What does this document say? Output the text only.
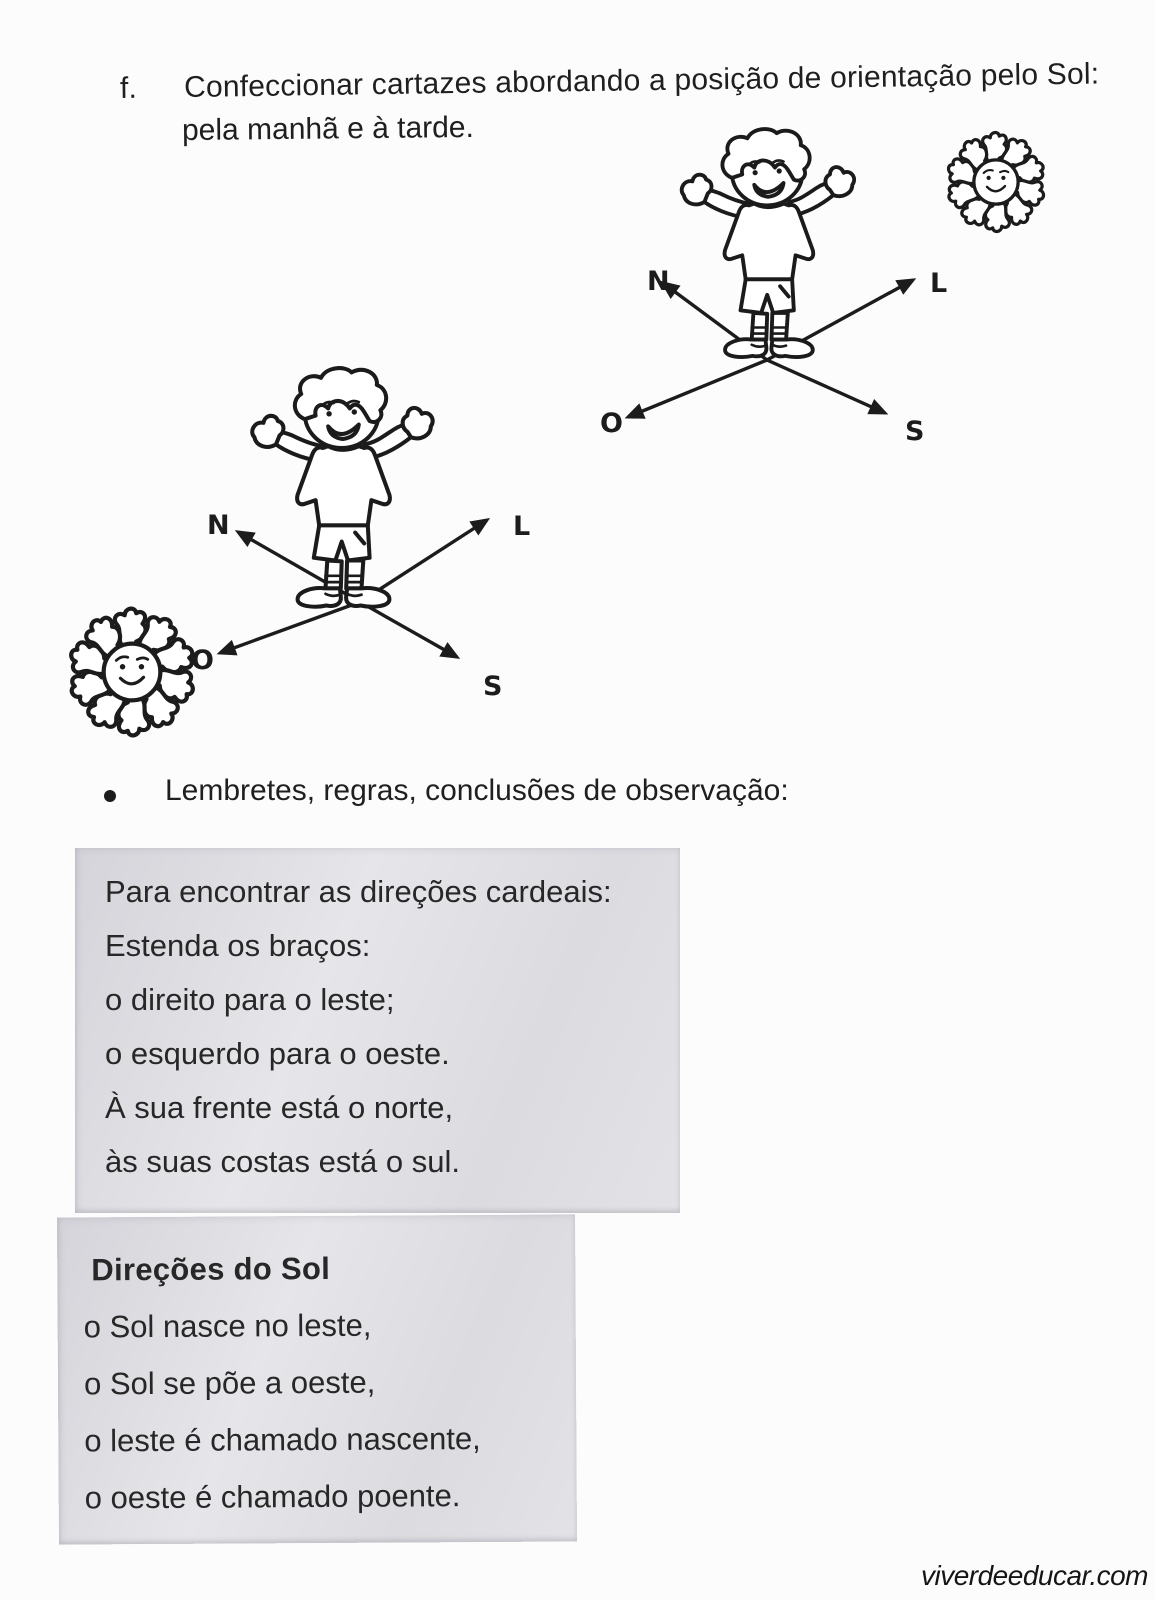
f. Confeccionar cartazes abordando a posição de orientação pelo Sol:
pela manhã e à tarde.
N	L
O	S
N	L
O
S
Lembretes, regras, conclusões de observação:
Para encontrar as direções cardeais:
Estenda os braços:
o direito para o leste;
o esquerdo para o oeste.
À sua frente está o norte,
às suas costas está o sul.
Direções do Sol
o Sol nasce no leste,
o Sol se põe a oeste,
o leste é chamado nascente,
o oeste é chamado poente.
viverdeeducar.com
